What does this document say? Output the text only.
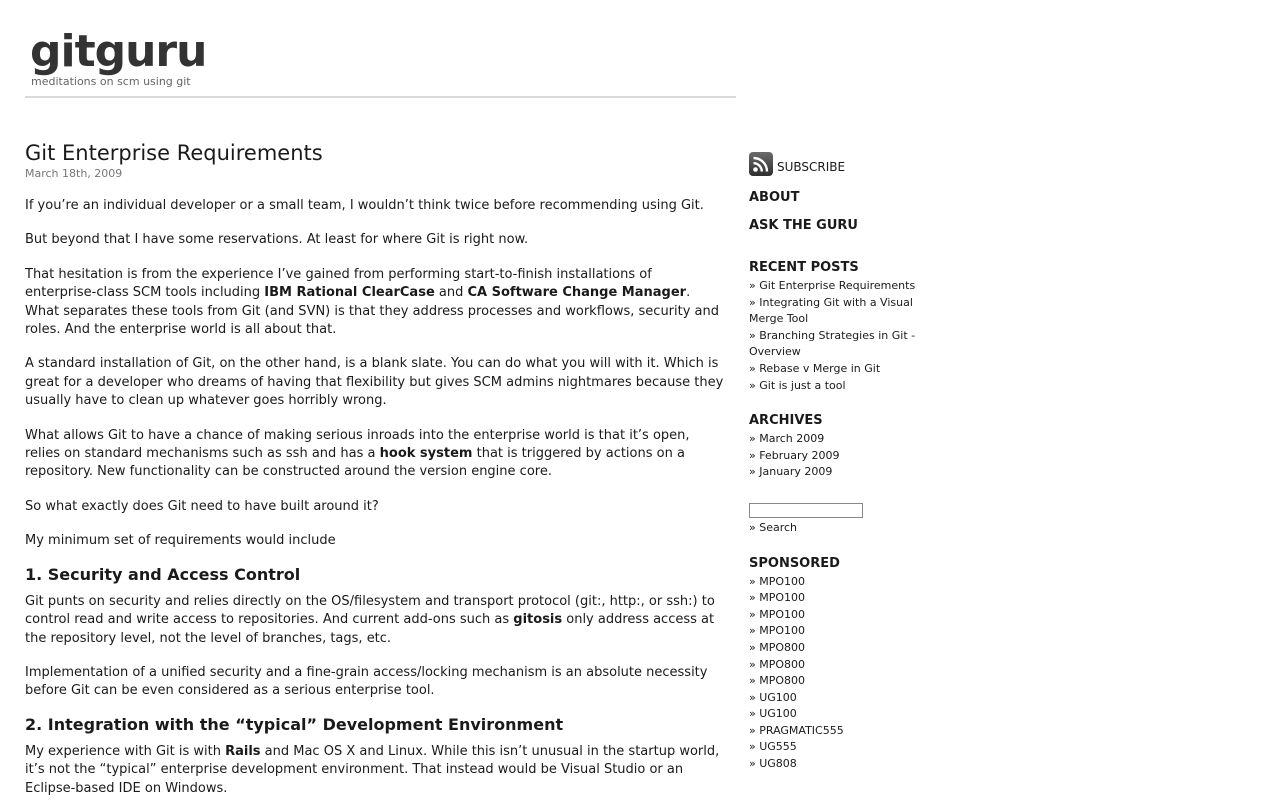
gitguru
meditations on scm using git
Git Enterprise Requirements
March 18th, 2009

If you’re an individual developer or a small team, I wouldn’t think twice before recommending using Git.

But beyond that I have some reservations. At least for where Git is right now.

That hesitation is from the experience I’ve gained from performing start-to-finish installations of enterprise-class SCM tools including IBM Rational ClearCase and CA Software Change Manager. What separates these tools from Git (and SVN) is that they address processes and workflows, security and roles. And the enterprise world is all about that.

A standard installation of Git, on the other hand, is a blank slate. You can do what you will with it. Which is great for a developer who dreams of having that flexibility but gives SCM admins nightmares because they usually have to clean up whatever goes horribly wrong.

What allows Git to have a chance of making serious inroads into the enterprise world is that it’s open, relies on standard mechanisms such as ssh and has a hook system that is triggered by actions on a repository. New functionality can be constructed around the version engine core.

So what exactly does Git need to have built around it?

My minimum set of requirements would include

1. Security and Access Control

Git punts on security and relies directly on the OS/filesystem and transport protocol (git:, http:, or ssh:) to control read and write access to repositories. And current add-ons such as gitosis only address access at the repository level, not the level of branches, tags, etc.

Implementation of a unified security and a fine-grain access/locking mechanism is an absolute necessity before Git can be even considered as a serious enterprise tool.

2. Integration with the “typical” Development Environment

My experience with Git is with Rails and Mac OS X and Linux. While this isn’t unusual in the startup world, it’s not the “typical” enterprise development environment. That instead would be Visual Studio or an Eclipse-based IDE on Windows.

SUBSCRIBE
ABOUT
ASK THE GURU
RECENT POSTS
» Git Enterprise Requirements
» Integrating Git with a Visual Merge Tool
» Branching Strategies in Git - Overview
» Rebase v Merge in Git
» Git is just a tool
ARCHIVES
» March 2009
» February 2009
» January 2009
» Search
SPONSORED
» MPO100
» MPO100
» MPO100
» MPO100
» MPO800
» MPO800
» MPO800
» UG100
» UG100
» PRAGMATIC555
» UG555
» UG808
